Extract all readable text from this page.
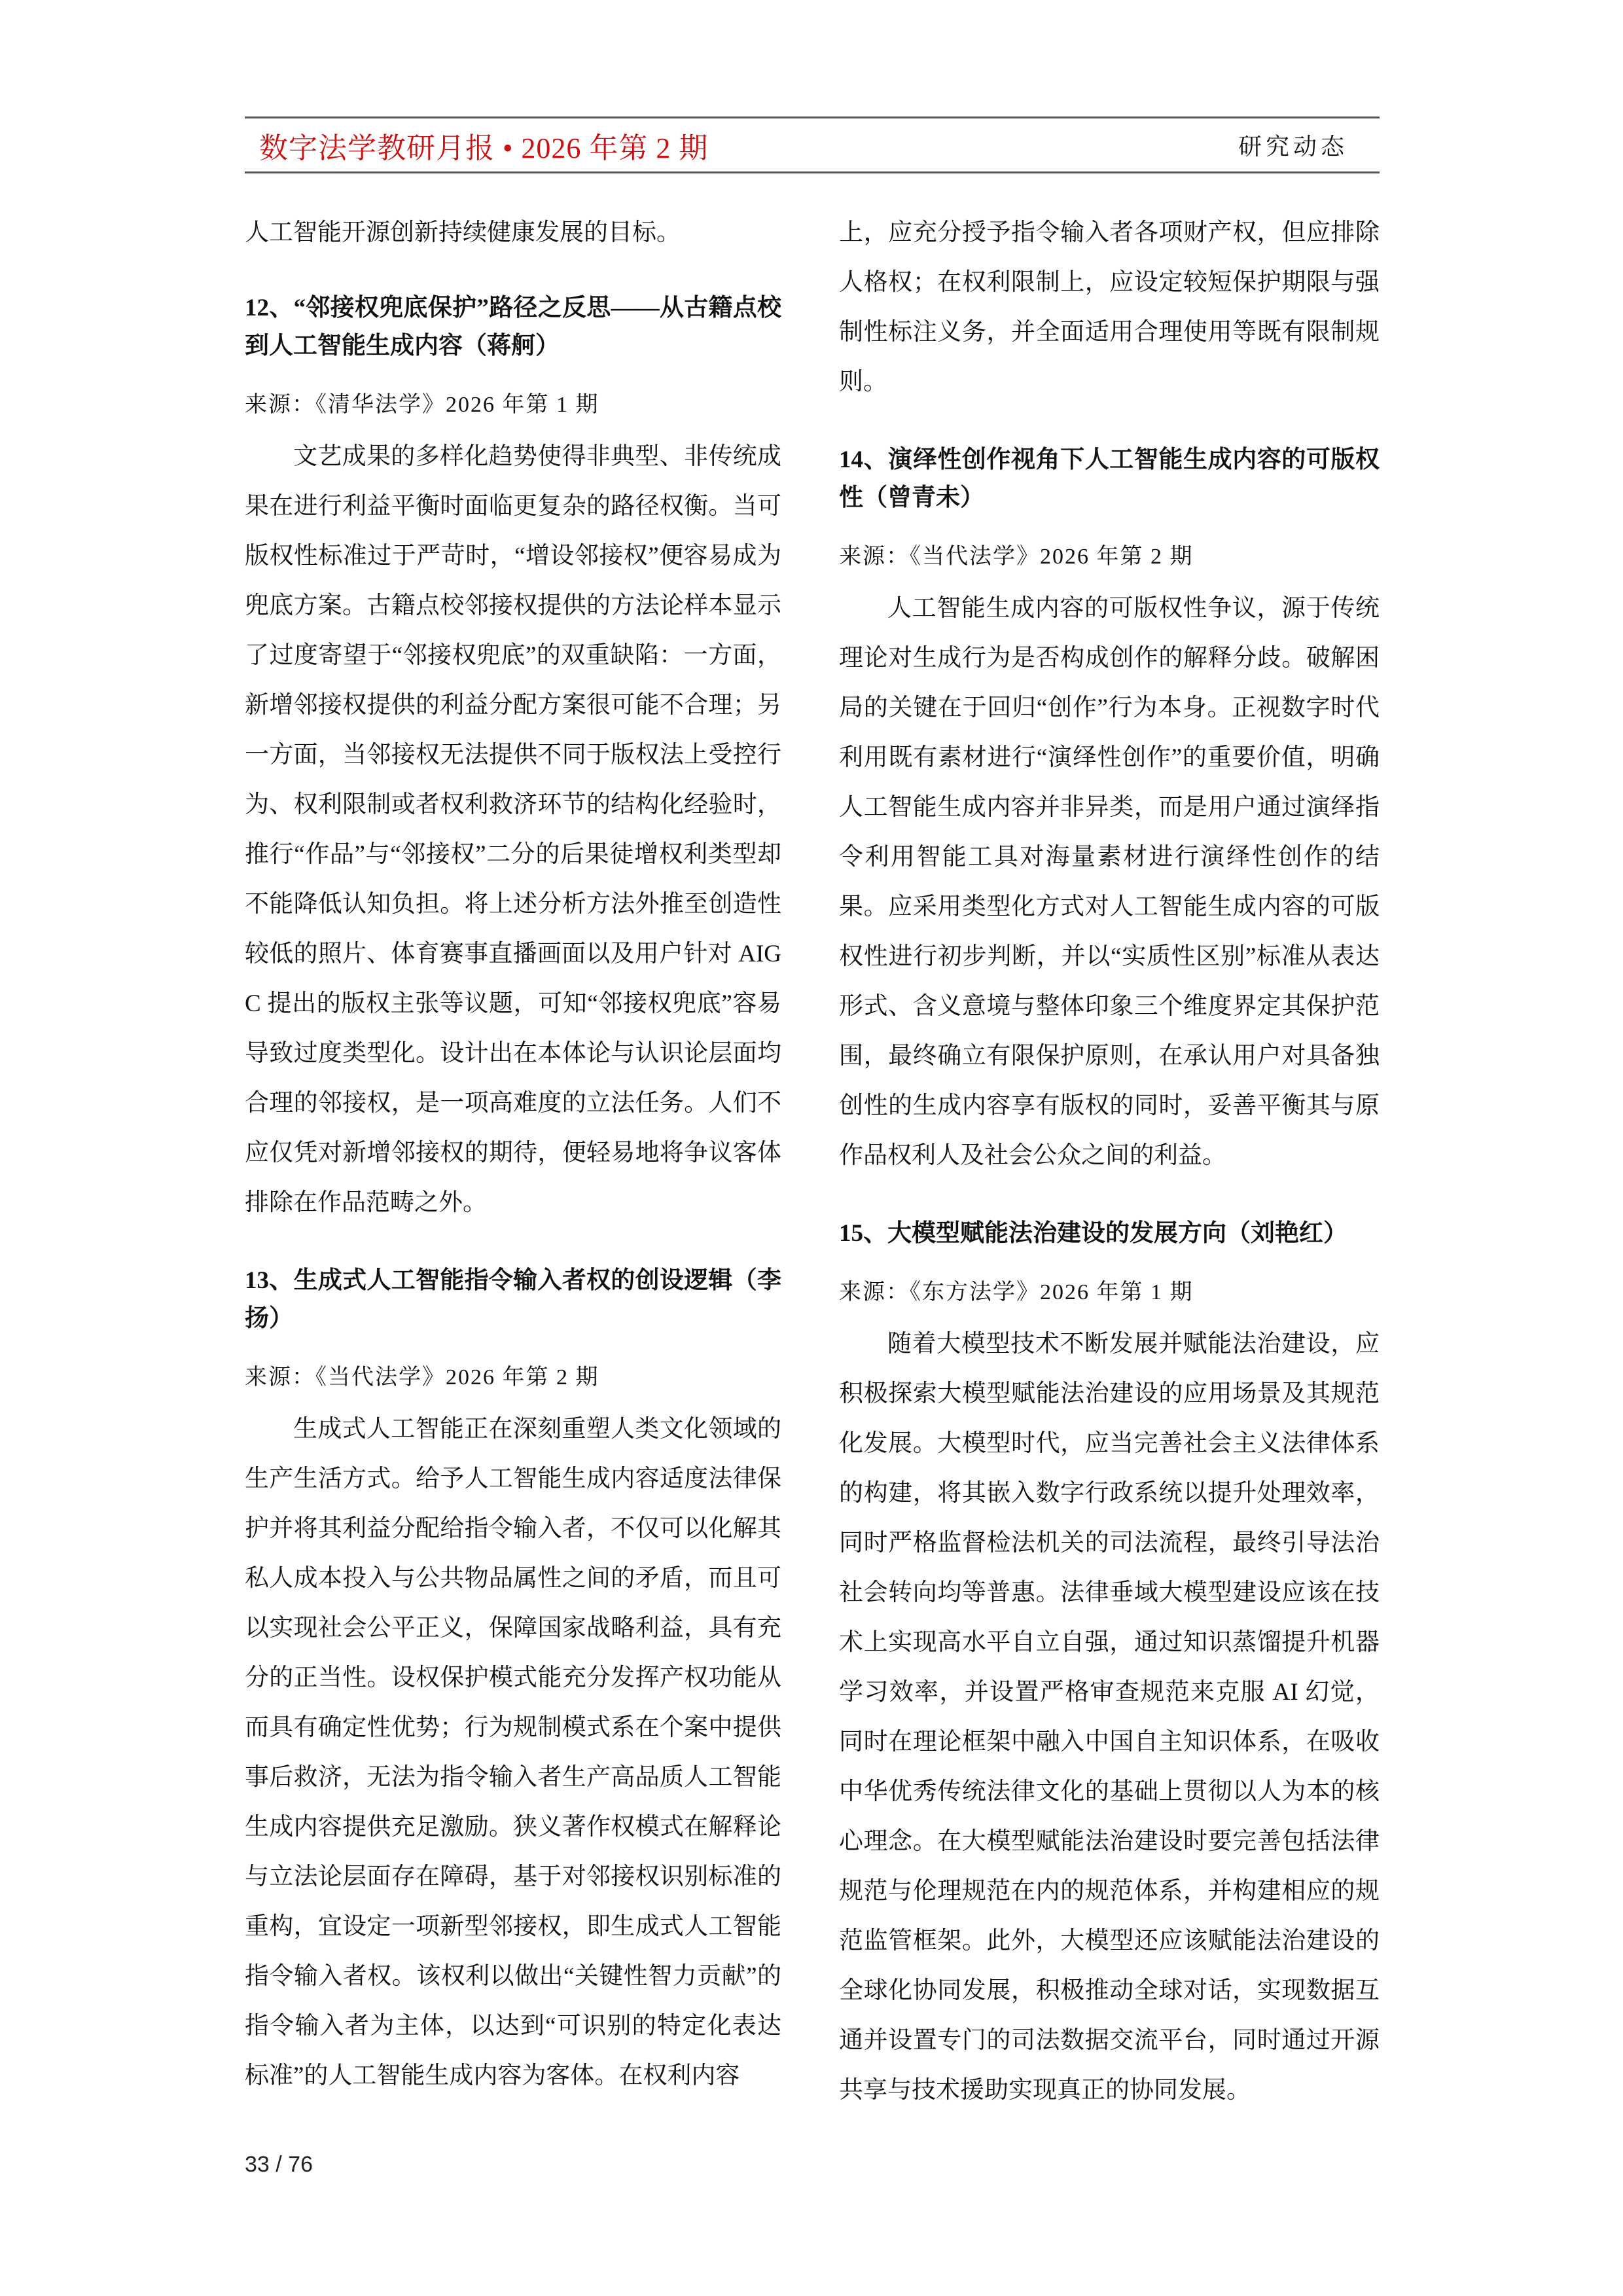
数字法学教研月报 • 2026 年第 2 期	研究动态

人工智能开源创新持续健康发展的目标。

12、“邻接权兜底保护”路径之反思——从古籍点校到人工智能生成内容（蒋舸）

来源：《清华法学》2026 年第 1 期

文艺成果的多样化趋势使得非典型、非传统成果在进行利益平衡时面临更复杂的路径权衡。当可版权性标准过于严苛时，“增设邻接权”便容易成为兜底方案。古籍点校邻接权提供的方法论样本显示了过度寄望于“邻接权兜底”的双重缺陷：一方面，新增邻接权提供的利益分配方案很可能不合理；另一方面，当邻接权无法提供不同于版权法上受控行为、权利限制或者权利救济环节的结构化经验时，推行“作品”与“邻接权”二分的后果徒增权利类型却不能降低认知负担。将上述分析方法外推至创造性较低的照片、体育赛事直播画面以及用户针对 AIGC 提出的版权主张等议题，可知“邻接权兜底”容易导致过度类型化。设计出在本体论与认识论层面均合理的邻接权，是一项高难度的立法任务。人们不应仅凭对新增邻接权的期待，便轻易地将争议客体排除在作品范畴之外。

13、生成式人工智能指令输入者权的创设逻辑（李扬）

来源：《当代法学》2026 年第 2 期

生成式人工智能正在深刻重塑人类文化领域的生产生活方式。给予人工智能生成内容适度法律保护并将其利益分配给指令输入者，不仅可以化解其私人成本投入与公共物品属性之间的矛盾，而且可以实现社会公平正义，保障国家战略利益，具有充分的正当性。设权保护模式能充分发挥产权功能从而具有确定性优势；行为规制模式系在个案中提供事后救济，无法为指令输入者生产高品质人工智能生成内容提供充足激励。狭义著作权模式在解释论与立法论层面存在障碍，基于对邻接权识别标准的重构，宜设定一项新型邻接权，即生成式人工智能指令输入者权。该权利以做出“关键性智力贡献”的指令输入者为主体，以达到“可识别的特定化表达标准”的人工智能生成内容为客体。在权利内容

上，应充分授予指令输入者各项财产权，但应排除人格权；在权利限制上，应设定较短保护期限与强制性标注义务，并全面适用合理使用等既有限制规则。

14、演绎性创作视角下人工智能生成内容的可版权性（曾青未）

来源：《当代法学》2026 年第 2 期

人工智能生成内容的可版权性争议，源于传统理论对生成行为是否构成创作的解释分歧。破解困局的关键在于回归“创作”行为本身。正视数字时代利用既有素材进行“演绎性创作”的重要价值，明确人工智能生成内容并非异类，而是用户通过演绎指令利用智能工具对海量素材进行演绎性创作的结果。应采用类型化方式对人工智能生成内容的可版权性进行初步判断，并以“实质性区别”标准从表达形式、含义意境与整体印象三个维度界定其保护范围，最终确立有限保护原则，在承认用户对具备独创性的生成内容享有版权的同时，妥善平衡其与原作品权利人及社会公众之间的利益。

15、大模型赋能法治建设的发展方向（刘艳红）

来源：《东方法学》2026 年第 1 期

随着大模型技术不断发展并赋能法治建设，应积极探索大模型赋能法治建设的应用场景及其规范化发展。大模型时代，应当完善社会主义法律体系的构建，将其嵌入数字行政系统以提升处理效率，同时严格监督检法机关的司法流程，最终引导法治社会转向均等普惠。法律垂域大模型建设应该在技术上实现高水平自立自强，通过知识蒸馏提升机器学习效率，并设置严格审查规范来克服 AI 幻觉，同时在理论框架中融入中国自主知识体系，在吸收中华优秀传统法律文化的基础上贯彻以人为本的核心理念。在大模型赋能法治建设时要完善包括法律规范与伦理规范在内的规范体系，并构建相应的规范监管框架。此外，大模型还应该赋能法治建设的全球化协同发展，积极推动全球对话，实现数据互通并设置专门的司法数据交流平台，同时通过开源共享与技术援助实现真正的协同发展。

33 / 76
